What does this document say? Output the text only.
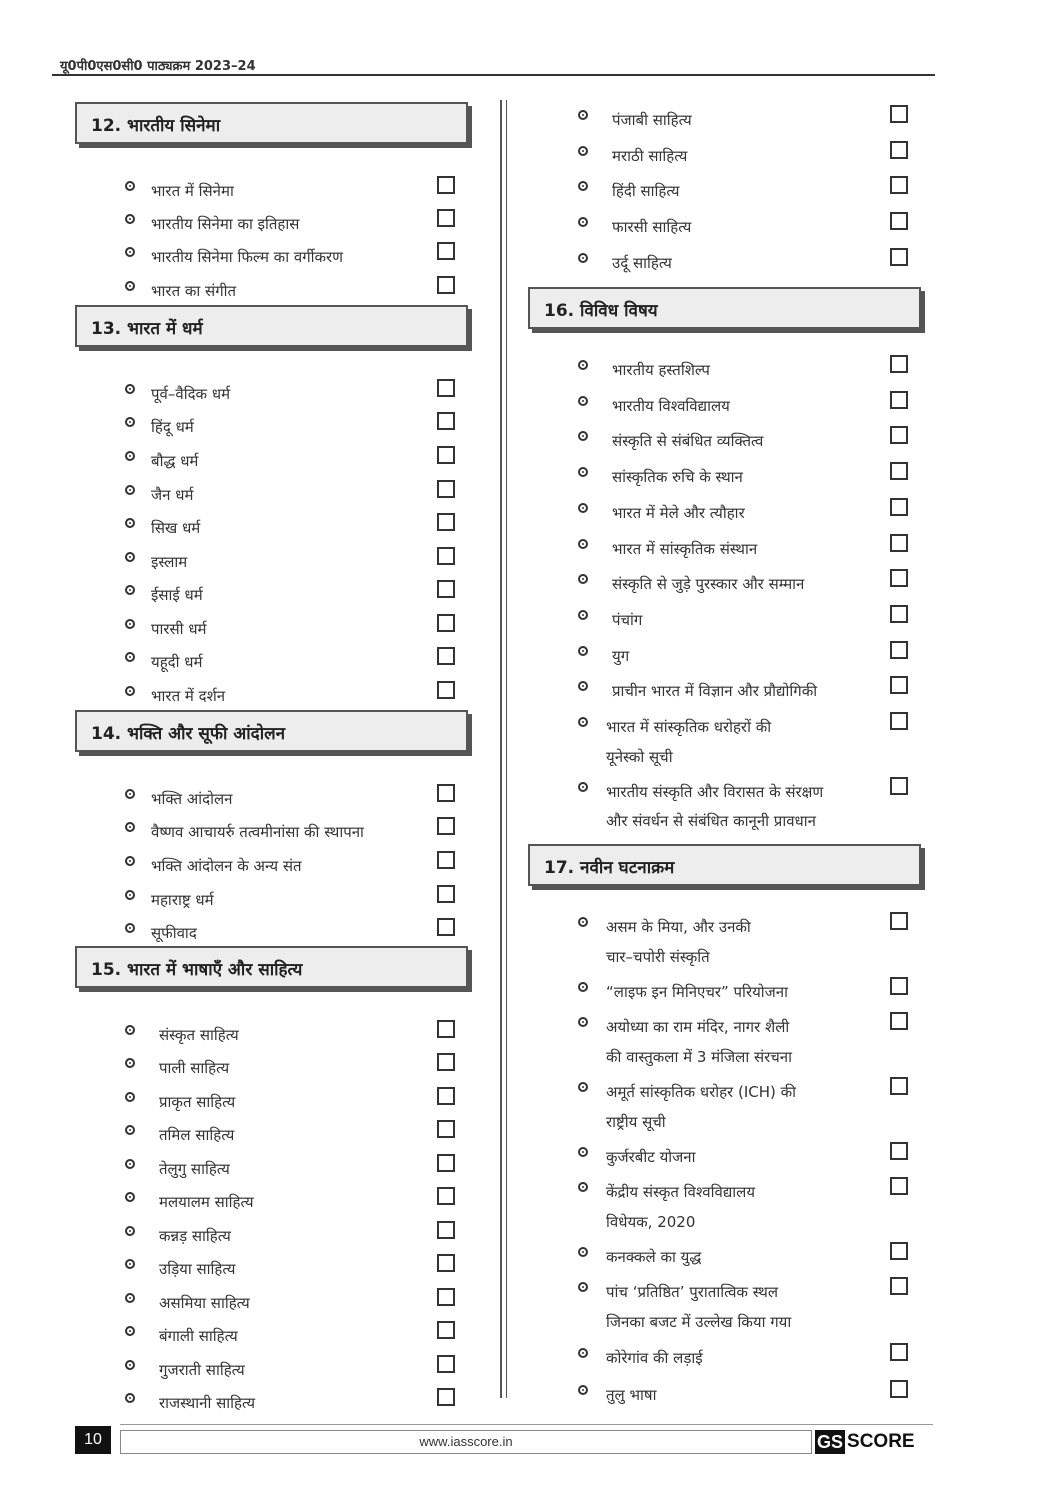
यू0पी0एस0सी0 पाठ्यक्रम 2023–24
12. भारतीय सिनेमा
भारत में सिनेमा
भारतीय सिनेमा का इतिहास
भारतीय सिनेमा फिल्म का वर्गीकरण
भारत का संगीत
13. भारत में धर्म
पूर्व–वैदिक धर्म
हिंदू धर्म
बौद्ध धर्म
जैन धर्म
सिख धर्म
इस्लाम
ईसाई धर्म
पारसी धर्म
यहूदी धर्म
भारत में दर्शन
14. भक्ति और सूफी आंदोलन
भक्ति आंदोलन
वैष्णव आचायर्रु तत्वमीनांसा की स्थापना
भक्ति आंदोलन के अन्य संत
महाराष्ट्र धर्म
सूफीवाद
15. भारत में भाषाएँ और साहित्य
संस्कृत साहित्य
पाली साहित्य
प्राकृत साहित्य
तमिल साहित्य
तेलुगु साहित्य
मलयालम साहित्य
कन्नड़ साहित्य
उड़िया साहित्य
असमिया साहित्य
बंगाली साहित्य
गुजराती साहित्य
राजस्थानी साहित्य
पंजाबी साहित्य
मराठी साहित्य
हिंदी साहित्य
फारसी साहित्य
उर्दू साहित्य
16. विविध विषय
भारतीय हस्तशिल्प
भारतीय विश्वविद्यालय
संस्कृति से संबंधित व्यक्तित्व
सांस्कृतिक रुचि के स्थान
भारत में मेले और त्यौहार
भारत में सांस्कृतिक संस्थान
संस्कृति से जुड़े पुरस्कार और सम्मान
पंचांग
युग
प्राचीन भारत में विज्ञान और प्रौद्योगिकी
भारत में सांस्कृतिक धरोहरों की
यूनेस्को सूची
भारतीय संस्कृति और विरासत के संरक्षण
और संवर्धन से संबंधित कानूनी प्रावधान
17. नवीन घटनाक्रम
असम के मिया, और उनकी
चार–चपोरी संस्कृति
“लाइफ इन मिनिएचर” परियोजना
अयोध्या का राम मंदिर, नागर शैली
की वास्तुकला में 3 मंजिला संरचना
अमूर्त सांस्कृतिक धरोहर (ICH) की
राष्ट्रीय सूची
कुर्जरबीट योजना
केंद्रीय संस्कृत विश्वविद्यालय
विधेयक, 2020
कनक्कले का युद्ध
पांच ‘प्रतिष्ठित’ पुरातात्विक स्थल
जिनका बजट में उल्लेख किया गया
कोरेगांव की लड़ाई
तुलु भाषा
10	www.iasscore.in	GS SCORE
